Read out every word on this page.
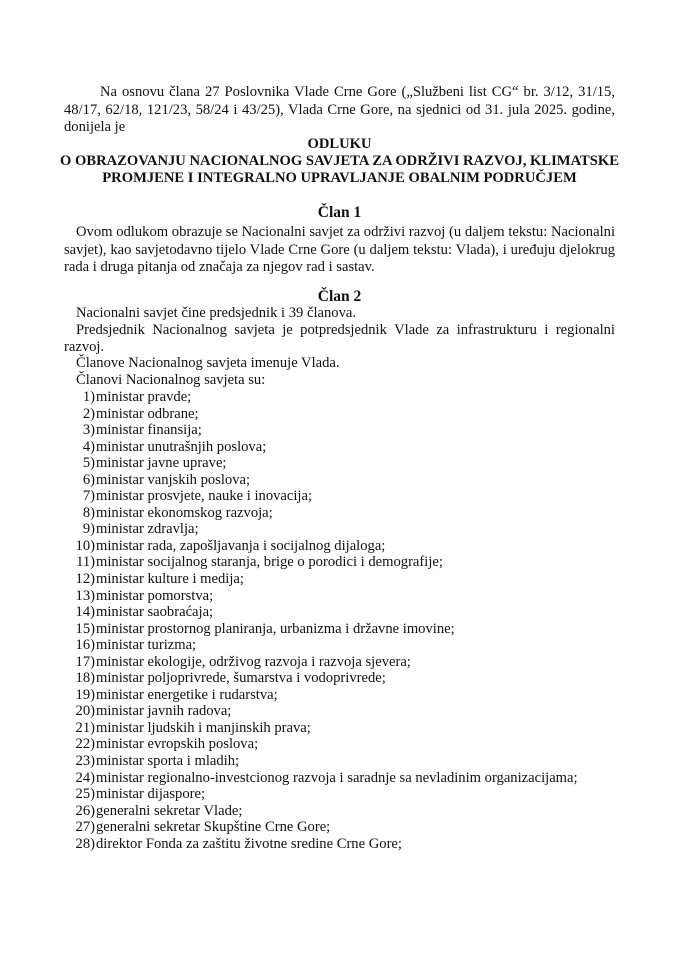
Na osnovu člana 27 Poslovnika Vlade Crne Gore („Službeni list CG“ br. 3/12, 31/15, 48/17, 62/18, 121/23, 58/24 i 43/25), Vlada Crne Gore, na sjednici od 31. jula 2025. godine, donijela je

ODLUKU

O OBRAZOVANJU NACIONALNOG SAVJETA ZA ODRŽIVI RAZVOJ, KLIMATSKE PROMJENE I INTEGRALNO UPRAVLJANJE OBALNIM PODRUČJEM

Član 1

Ovom odlukom obrazuje se Nacionalni savjet za održivi razvoj (u daljem tekstu: Nacionalni savjet), kao savjetodavno tijelo Vlade Crne Gore (u daljem tekstu: Vlada), i uređuju djelokrug rada i druga pitanja od značaja za njegov rad i sastav.

Član 2

Nacionalni savjet čine predsjednik i 39 članova.

Predsjednik Nacionalnog savjeta je potpredsjednik Vlade za infrastrukturu i regionalni razvoj.

Članove Nacionalnog savjeta imenuje Vlada.

Članovi Nacionalnog savjeta su:

1) ministar pravde;
2) ministar odbrane;
3) ministar finansija;
4) ministar unutrašnjih poslova;
5) ministar javne uprave;
6) ministar vanjskih poslova;
7) ministar prosvjete, nauke i inovacija;
8) ministar ekonomskog razvoja;
9) ministar zdravlja;
10) ministar rada, zapošljavanja i socijalnog dijaloga;
11) ministar socijalnog staranja, brige o porodici i demografije;
12) ministar kulture i medija;
13) ministar pomorstva;
14) ministar saobraćaja;
15) ministar prostornog planiranja, urbanizma i državne imovine;
16) ministar turizma;
17) ministar ekologije, održivog razvoja i razvoja sjevera;
18) ministar poljoprivrede, šumarstva i vodoprivrede;
19) ministar energetike i rudarstva;
20) ministar javnih radova;
21) ministar ljudskih i manjinskih prava;
22) ministar evropskih poslova;
23) ministar sporta i mladih;
24) ministar regionalno-investcionog razvoja i saradnje sa nevladinim organizacijama;
25) ministar dijaspore;
26) generalni sekretar Vlade;
27) generalni sekretar Skupštine Crne Gore;
28) direktor Fonda za zaštitu životne sredine Crne Gore;
